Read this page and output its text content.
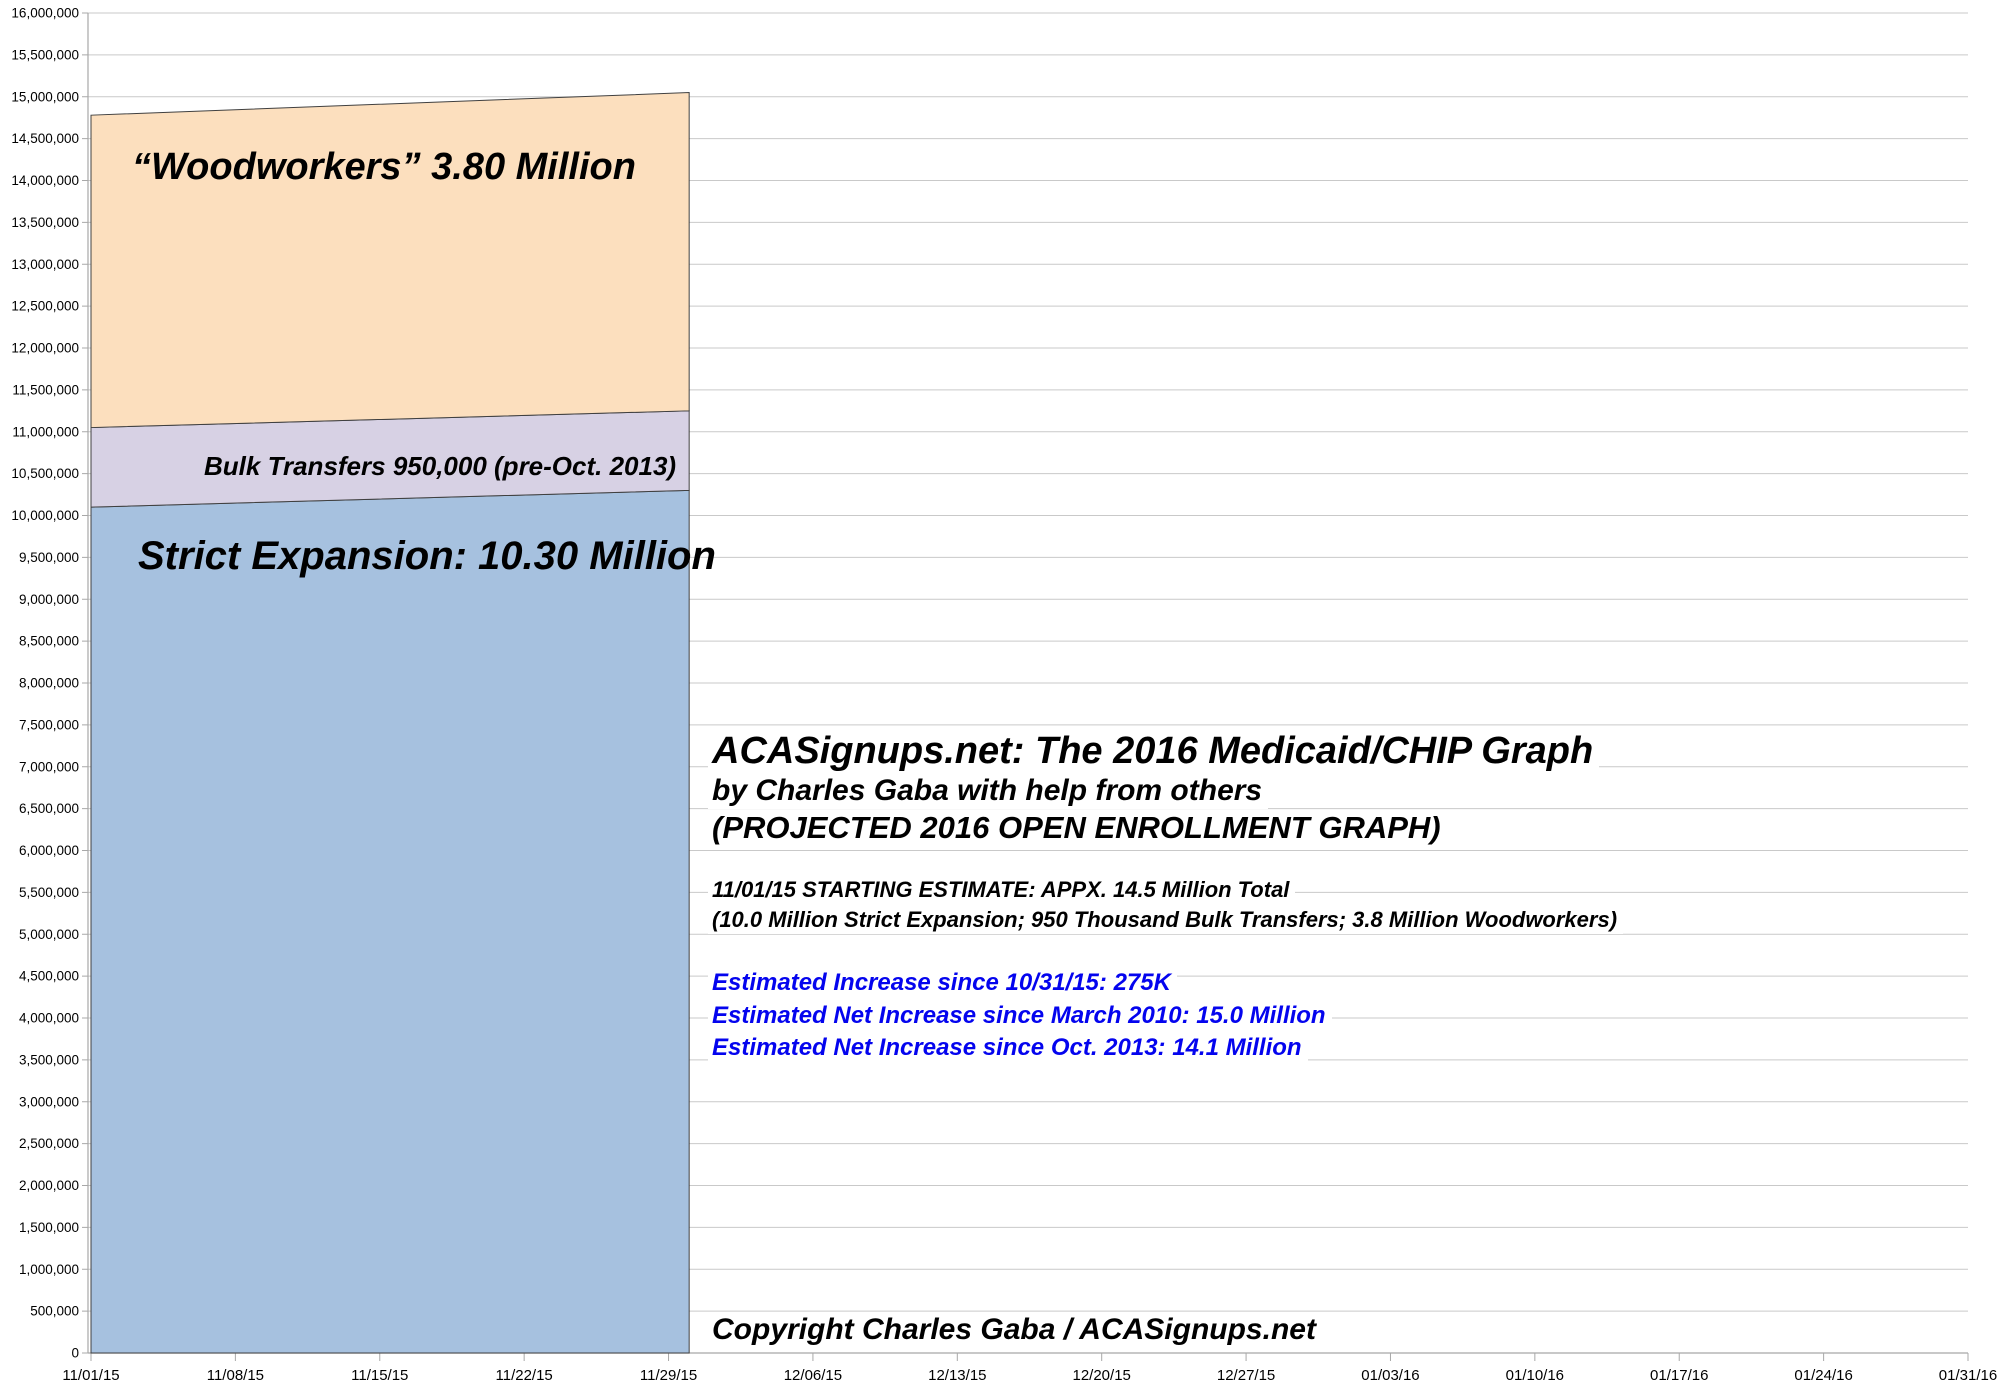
0
500,000
1,000,000
1,500,000
2,000,000
2,500,000
3,000,000
3,500,000
4,000,000
4,500,000
5,000,000
5,500,000
6,000,000
6,500,000
7,000,000
7,500,000
8,000,000
8,500,000
9,000,000
9,500,000
10,000,000
10,500,000
11,000,000
11,500,000
12,000,000
12,500,000
13,000,000
13,500,000
14,000,000
14,500,000
15,000,000
15,500,000
16,000,000
11/01/15	11/08/15	11/15/15	11/22/15	11/29/15	12/06/15	12/13/15	12/20/15	12/27/15	01/03/16	01/10/16	01/17/16	01/24/16	01/31/16
“Woodworkers” 3.80 Million
Bulk Transfers 950,000 (pre-Oct. 2013)
Strict Expansion: 10.30 Million
ACASignups.net: The 2016 Medicaid/CHIP Graph
by Charles Gaba with help from others
(PROJECTED 2016 OPEN ENROLLMENT GRAPH)
11/01/15 STARTING ESTIMATE: APPX. 14.5 Million Total
(10.0 Million Strict Expansion; 950 Thousand Bulk Transfers; 3.8 Million Woodworkers)
Estimated Increase since 10/31/15: 275K
Estimated Net Increase since March 2010: 15.0 Million
Estimated Net Increase since Oct. 2013: 14.1 Million
Copyright Charles Gaba / ACASignups.net
